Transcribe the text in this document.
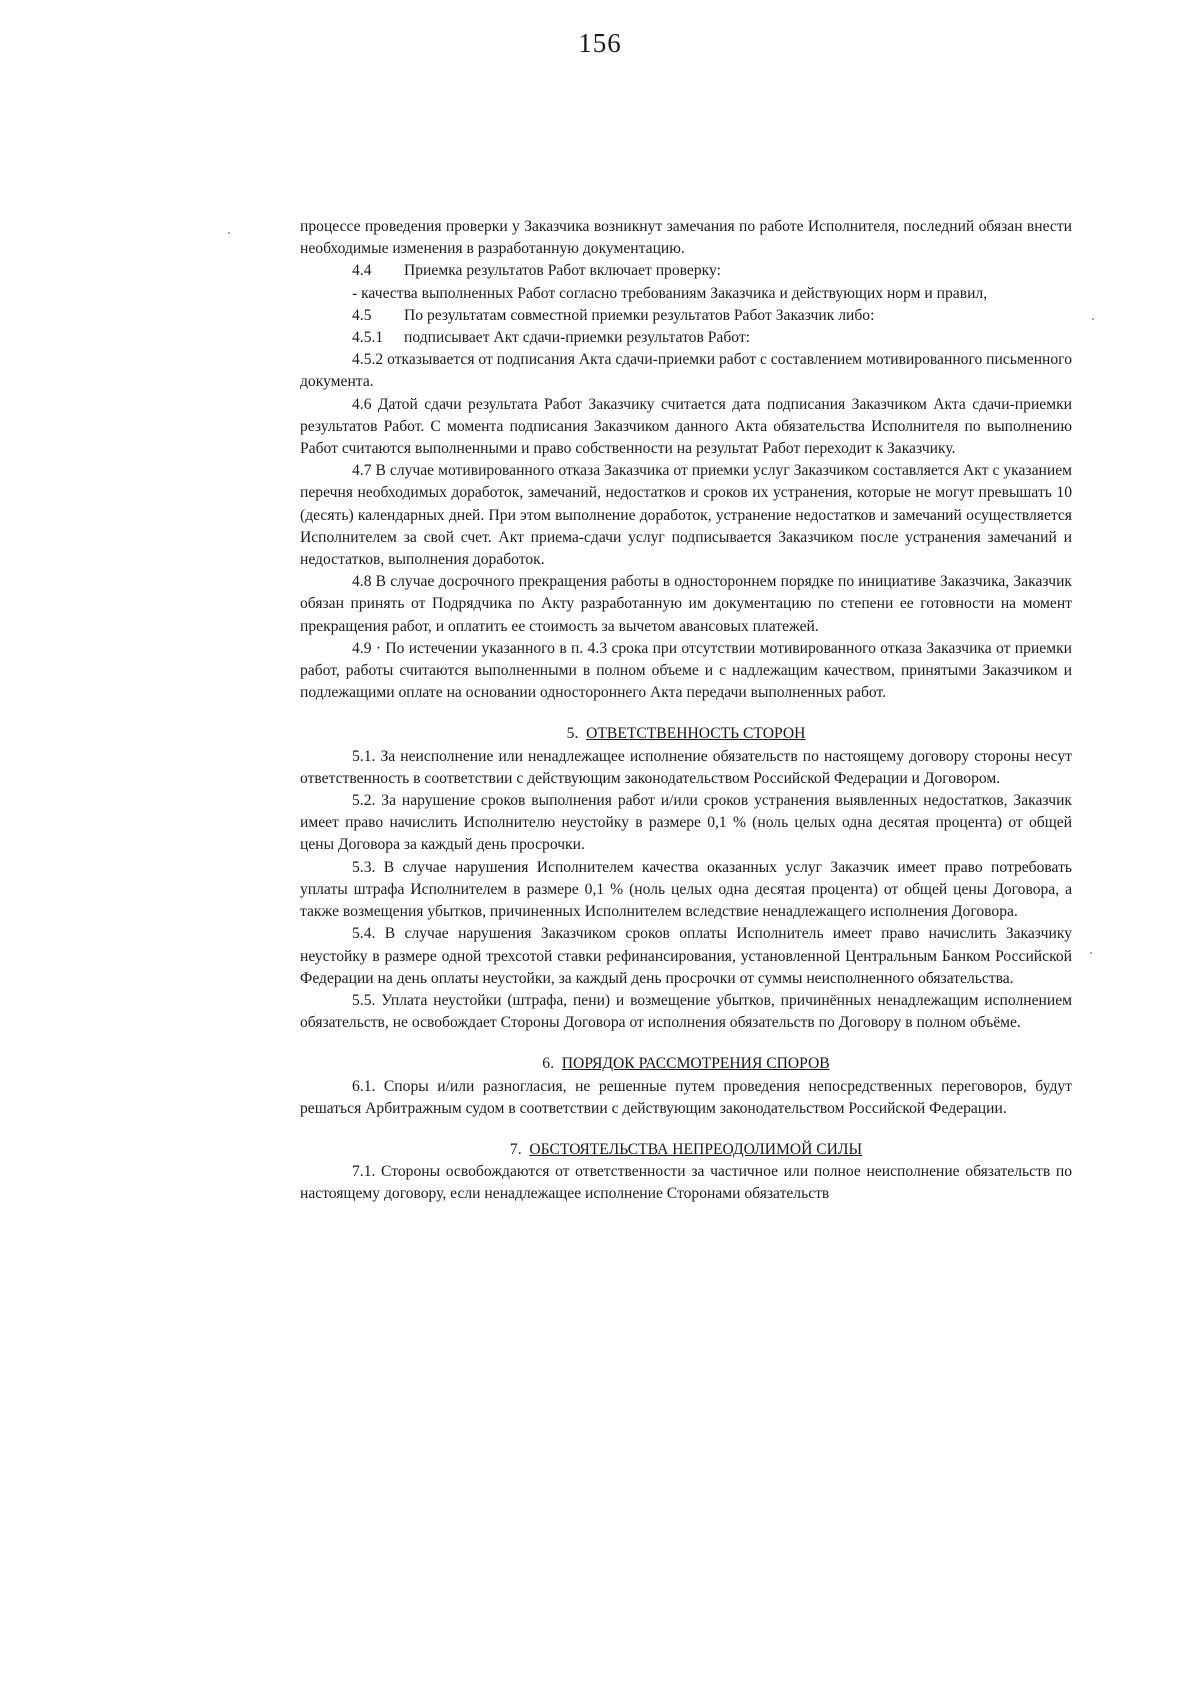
156

процессе проведения проверки у Заказчика возникнут замечания по работе Исполнителя, последний обязан внести необходимые изменения в разработанную документацию.

4.4	Приемка результатов Работ включает проверку:

- качества выполненных Работ согласно требованиям Заказчика и действующих норм и правил,

4.5	По результатам совместной приемки результатов Работ Заказчик либо:
4.5.1	подписывает Акт сдачи-приемки результатов Работ:

4.5.2 отказывается от подписания Акта сдачи-приемки работ с составлением мотивированного письменного документа.

4.6 Датой сдачи результата Работ Заказчику считается дата подписания Заказчиком Акта сдачи-приемки результатов Работ. С момента подписания Заказчиком данного Акта обязательства Исполнителя по выполнению Работ считаются выполненными и право собственности на результат Работ переходит к Заказчику.

4.7 В случае мотивированного отказа Заказчика от приемки услуг Заказчиком составляется Акт с указанием перечня необходимых доработок, замечаний, недостатков и сроков их устранения, которые не могут превышать 10 (десять) календарных дней. При этом выполнение доработок, устранение недостатков и замечаний осуществляется Исполнителем за свой счет. Акт приема-сдачи услуг подписывается Заказчиком после устранения замечаний и недостатков, выполнения доработок.

4.8 В случае досрочного прекращения работы в одностороннем порядке по инициативе Заказчика, Заказчик обязан принять от Подрядчика по Акту разработанную им документацию по степени ее готовности на момент прекращения работ, и оплатить ее стоимость за вычетом авансовых платежей.

4.9 · По истечении указанного в п. 4.3 срока при отсутствии мотивированного отказа Заказчика от приемки работ, работы считаются выполненными в полном объеме и с надлежащим качеством, принятыми Заказчиком и подлежащими оплате на основании одностороннего Акта передачи выполненных работ.

5. ОТВЕТСТВЕННОСТЬ СТОРОН

5.1. За неисполнение или ненадлежащее исполнение обязательств по настоящему договору стороны несут ответственность в соответствии с действующим законодательством Российской Федерации и Договором.

5.2. За нарушение сроков выполнения работ и/или сроков устранения выявленных недостатков, Заказчик имеет право начислить Исполнителю неустойку в размере 0,1 % (ноль целых одна десятая процента) от общей цены Договора за каждый день просрочки.

5.3. В случае нарушения Исполнителем качества оказанных услуг Заказчик имеет право потребовать уплаты штрафа Исполнителем в размере 0,1 % (ноль целых одна десятая процента) от общей цены Договора, а также возмещения убытков, причиненных Исполнителем вследствие ненадлежащего исполнения Договора.

5.4. В случае нарушения Заказчиком сроков оплаты Исполнитель имеет право начислить Заказчику неустойку в размере одной трехсотой ставки рефинансирования, установленной Центральным Банком Российской Федерации на день оплаты неустойки, за каждый день просрочки от суммы неисполненного обязательства.

5.5. Уплата неустойки (штрафа, пени) и возмещение убытков, причинённых ненадлежащим исполнением обязательств, не освобождает Стороны Договора от исполнения обязательств по Договору в полном объёме.

6. ПОРЯДОК РАССМОТРЕНИЯ СПОРОВ

6.1. Споры и/или разногласия, не решенные путем проведения непосредственных переговоров, будут решаться Арбитражным судом в соответствии с действующим законодательством Российской Федерации.

7. ОБСТОЯТЕЛЬСТВА НЕПРЕОДОЛИМОЙ СИЛЫ

7.1. Стороны освобождаются от ответственности за частичное или полное неисполнение обязательств по настоящему договору, если ненадлежащее исполнение Сторонами обязательств
